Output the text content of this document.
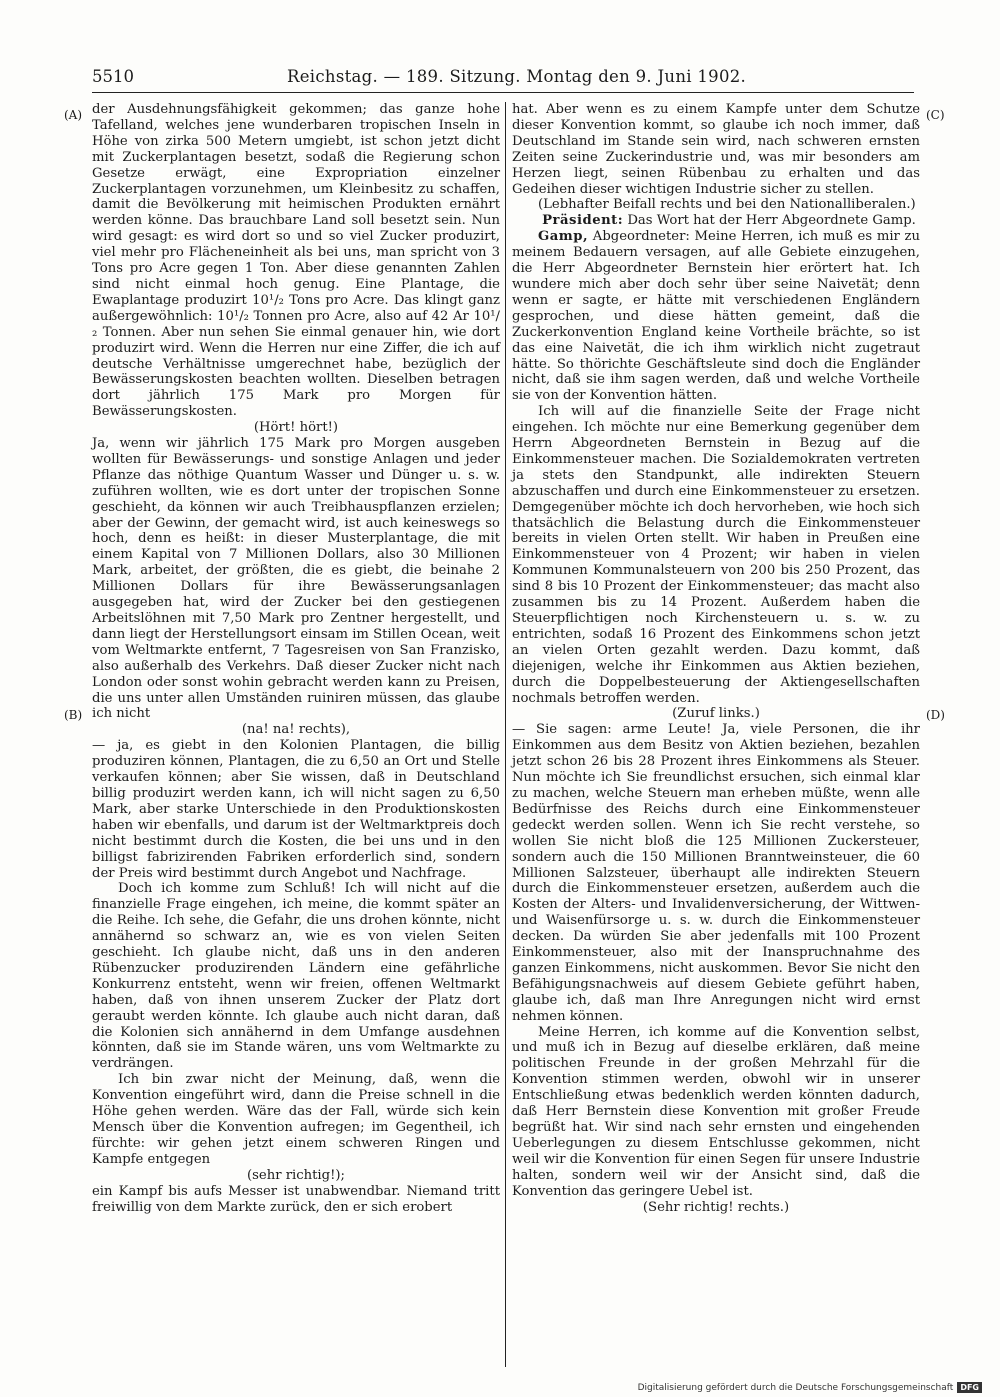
5510	Reichstag. — 189. Sitzung. Montag den 9. Juni 1902.
(A)
(B)
(C)
(D)

der Ausdehnungsfähigkeit gekommen; das ganze hohe Tafelland, welches jene wunderbaren tropischen Inseln in Höhe von zirka 500 Metern umgiebt, ist schon jetzt dicht mit Zuckerplantagen besetzt, sodaß die Regierung schon Gesetze erwägt, eine Expropriation einzelner Zuckerplantagen vorzunehmen, um Kleinbesitz zu schaffen, damit die Bevölkerung mit heimischen Produkten ernährt werden könne. Das brauchbare Land soll besetzt sein. Nun wird gesagt: es wird dort so und so viel Zucker produzirt, viel mehr pro Flächeneinheit als bei uns, man spricht von 3 Tons pro Acre gegen 1 Ton. Aber diese genannten Zahlen sind nicht einmal hoch genug. Eine Plantage, die Ewaplantage produzirt 10¹/₂ Tons pro Acre. Das klingt ganz außergewöhnlich: 10¹/₂ Tonnen pro Acre, also auf 42 Ar 10¹/₂ Tonnen. Aber nun sehen Sie einmal genauer hin, wie dort produzirt wird. Wenn die Herren nur eine Ziffer, die ich auf deutsche Verhältnisse umgerechnet habe, bezüglich der Bewässerungskosten beachten wollten. Dieselben betragen dort jährlich 175 Mark pro Morgen für Bewässerungskosten.

(Hört! hört!)

Ja, wenn wir jährlich 175 Mark pro Morgen ausgeben wollten für Bewässerungs- und sonstige Anlagen und jeder Pflanze das nöthige Quantum Wasser und Dünger u. s. w. zuführen wollten, wie es dort unter der tropischen Sonne geschieht, da können wir auch Treibhauspflanzen erzielen; aber der Gewinn, der gemacht wird, ist auch keineswegs so hoch, denn es heißt: in dieser Musterplantage, die mit einem Kapital von 7 Millionen Dollars, also 30 Millionen Mark, arbeitet, der größten, die es giebt, die beinahe 2 Millionen Dollars für ihre Bewässerungsanlagen ausgegeben hat, wird der Zucker bei den gestiegenen Arbeitslöhnen mit 7,50 Mark pro Zentner hergestellt, und dann liegt der Herstellungsort einsam im Stillen Ocean, weit vom Weltmarkte entfernt, 7 Tagesreisen von San Franzisko, also außerhalb des Verkehrs. Daß dieser Zucker nicht nach London oder sonst wohin gebracht werden kann zu Preisen, die uns unter allen Umständen ruiniren müssen, das glaube ich nicht

(na! na! rechts),

— ja, es giebt in den Kolonien Plantagen, die billig produziren können, Plantagen, die zu 6,50 an Ort und Stelle verkaufen können; aber Sie wissen, daß in Deutschland billig produzirt werden kann, ich will nicht sagen zu 6,50 Mark, aber starke Unterschiede in den Produktionskosten haben wir ebenfalls, und darum ist der Weltmarktpreis doch nicht bestimmt durch die Kosten, die bei uns und in den billigst fabrizirenden Fabriken erforderlich sind, sondern der Preis wird bestimmt durch Angebot und Nachfrage.

Doch ich komme zum Schluß! Ich will nicht auf die finanzielle Frage eingehen, ich meine, die kommt später an die Reihe. Ich sehe, die Gefahr, die uns drohen könnte, nicht annähernd so schwarz an, wie es von vielen Seiten geschieht. Ich glaube nicht, daß uns in den anderen Rübenzucker produzirenden Ländern eine gefährliche Konkurrenz entsteht, wenn wir freien, offenen Weltmarkt haben, daß von ihnen unserem Zucker der Platz dort geraubt werden könnte. Ich glaube auch nicht daran, daß die Kolonien sich annähernd in dem Umfange ausdehnen könnten, daß sie im Stande wären, uns vom Weltmarkte zu verdrängen.

Ich bin zwar nicht der Meinung, daß, wenn die Konvention eingeführt wird, dann die Preise schnell in die Höhe gehen werden. Wäre das der Fall, würde sich kein Mensch über die Konvention aufregen; im Gegentheil, ich fürchte: wir gehen jetzt einem schweren Ringen und Kampfe entgegen

(sehr richtig!);

ein Kampf bis aufs Messer ist unabwendbar. Niemand tritt freiwillig von dem Markte zurück, den er sich erobert

hat. Aber wenn es zu einem Kampfe unter dem Schutze dieser Konvention kommt, so glaube ich noch immer, daß Deutschland im Stande sein wird, nach schweren ernsten Zeiten seine Zuckerindustrie und, was mir besonders am Herzen liegt, seinen Rübenbau zu erhalten und das Gedeihen dieser wichtigen Industrie sicher zu stellen.

(Lebhafter Beifall rechts und bei den Nationalliberalen.)

Präsident: Das Wort hat der Herr Abgeordnete Gamp.

Gamp, Abgeordneter: Meine Herren, ich muß es mir zu meinem Bedauern versagen, auf alle Gebiete einzugehen, die Herr Abgeordneter Bernstein hier erörtert hat. Ich wundere mich aber doch sehr über seine Naivetät; denn wenn er sagte, er hätte mit verschiedenen Engländern gesprochen, und diese hätten gemeint, daß die Zuckerkonvention England keine Vortheile brächte, so ist das eine Naivetät, die ich ihm wirklich nicht zugetraut hätte. So thörichte Geschäftsleute sind doch die Engländer nicht, daß sie ihm sagen werden, daß und welche Vortheile sie von der Konvention hätten.

Ich will auf die finanzielle Seite der Frage nicht eingehen. Ich möchte nur eine Bemerkung gegenüber dem Herrn Abgeordneten Bernstein in Bezug auf die Einkommensteuer machen. Die Sozialdemokraten vertreten ja stets den Standpunkt, alle indirekten Steuern abzuschaffen und durch eine Einkommensteuer zu ersetzen. Demgegenüber möchte ich doch hervorheben, wie hoch sich thatsächlich die Belastung durch die Einkommensteuer bereits in vielen Orten stellt. Wir haben in Preußen eine Einkommensteuer von 4 Prozent; wir haben in vielen Kommunen Kommunalsteuern von 200 bis 250 Prozent, das sind 8 bis 10 Prozent der Einkommensteuer; das macht also zusammen bis zu 14 Prozent. Außerdem haben die Steuerpflichtigen noch Kirchensteuern u. s. w. zu entrichten, sodaß 16 Prozent des Einkommens schon jetzt an vielen Orten gezahlt werden. Dazu kommt, daß diejenigen, welche ihr Einkommen aus Aktien beziehen, durch die Doppelbesteuerung der Aktiengesellschaften nochmals betroffen werden.

(Zuruf links.)

— Sie sagen: arme Leute! Ja, viele Personen, die ihr Einkommen aus dem Besitz von Aktien beziehen, bezahlen jetzt schon 26 bis 28 Prozent ihres Einkommens als Steuer. Nun möchte ich Sie freundlichst ersuchen, sich einmal klar zu machen, welche Steuern man erheben müßte, wenn alle Bedürfnisse des Reichs durch eine Einkommensteuer gedeckt werden sollen. Wenn ich Sie recht verstehe, so wollen Sie nicht bloß die 125 Millionen Zuckersteuer, sondern auch die 150 Millionen Branntweinsteuer, die 60 Millionen Salzsteuer, überhaupt alle indirekten Steuern durch die Einkommensteuer ersetzen, außerdem auch die Kosten der Alters- und Invalidenversicherung, der Wittwen- und Waisenfürsorge u. s. w. durch die Einkommensteuer decken. Da würden Sie aber jedenfalls mit 100 Prozent Einkommensteuer, also mit der Inanspruchnahme des ganzen Einkommens, nicht auskommen. Bevor Sie nicht den Befähigungsnachweis auf diesem Gebiete geführt haben, glaube ich, daß man Ihre Anregungen nicht wird ernst nehmen können.

Meine Herren, ich komme auf die Konvention selbst, und muß ich in Bezug auf dieselbe erklären, daß meine politischen Freunde in der großen Mehrzahl für die Konvention stimmen werden, obwohl wir in unserer Entschließung etwas bedenklich werden könnten dadurch, daß Herr Bernstein diese Konvention mit großer Freude begrüßt hat. Wir sind nach sehr ernsten und eingehenden Ueberlegungen zu diesem Entschlusse gekommen, nicht weil wir die Konvention für einen Segen für unsere Industrie halten, sondern weil wir der Ansicht sind, daß die Konvention das geringere Uebel ist.

(Sehr richtig! rechts.)

Digitalisierung gefördert durch die Deutsche Forschungsgemeinschaft DFG
